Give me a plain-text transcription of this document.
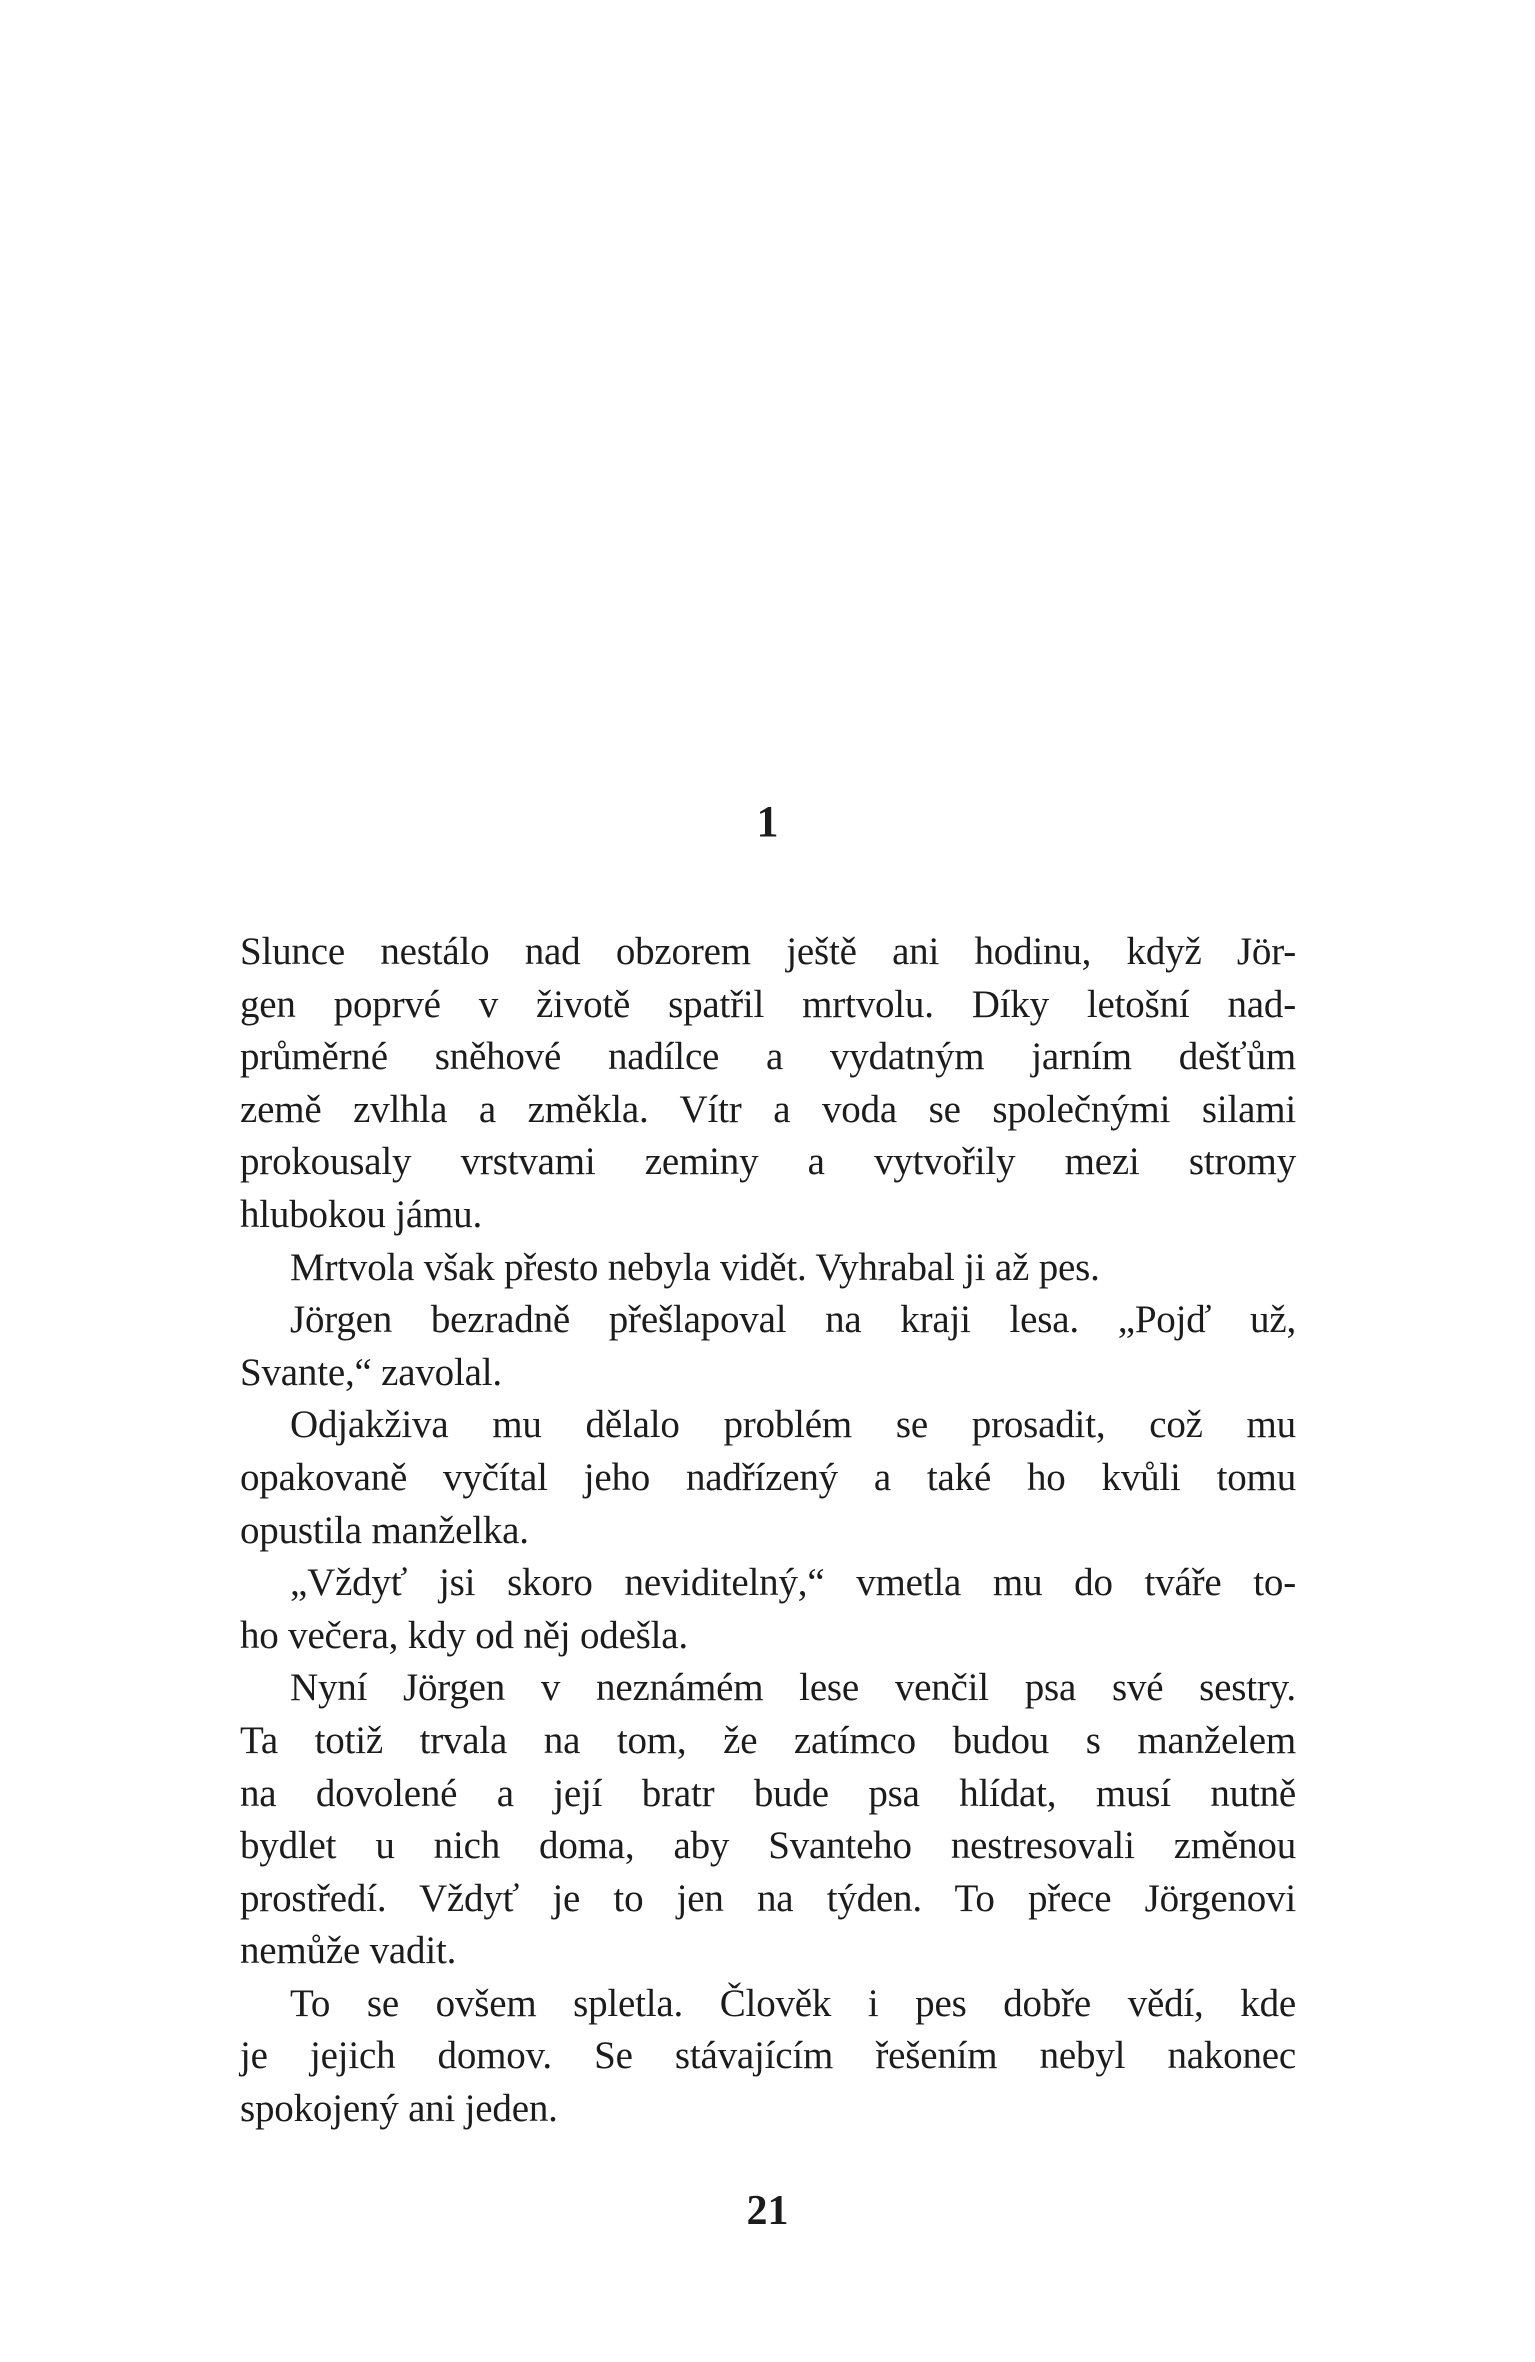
1
Slunce nestálo nad obzorem ještě ani hodinu, když Jör-
gen poprvé v životě spatřil mrtvolu. Díky letošní nad-
průměrné sněhové nadílce a vydatným jarním dešťům
země zvlhla a změkla. Vítr a voda se společnými silami
prokousaly vrstvami zeminy a vytvořily mezi stromy
hlubokou jámu.
Mrtvola však přesto nebyla vidět. Vyhrabal ji až pes.
Jörgen bezradně přešlapoval na kraji lesa. „Pojď už,
Svante,“ zavolal.
Odjakživa mu dělalo problém se prosadit, což mu
opakovaně vyčítal jeho nadřízený a také ho kvůli tomu
opustila manželka.
„Vždyť jsi skoro neviditelný,“ vmetla mu do tváře to-
ho večera, kdy od něj odešla.
Nyní Jörgen v neznámém lese venčil psa své sestry.
Ta totiž trvala na tom, že zatímco budou s manželem
na dovolené a její bratr bude psa hlídat, musí nutně
bydlet u nich doma, aby Svanteho nestresovali změnou
prostředí. Vždyť je to jen na týden. To přece Jörgenovi
nemůže vadit.
To se ovšem spletla. Člověk i pes dobře vědí, kde
je jejich domov. Se stávajícím řešením nebyl nakonec
spokojený ani jeden.
21
